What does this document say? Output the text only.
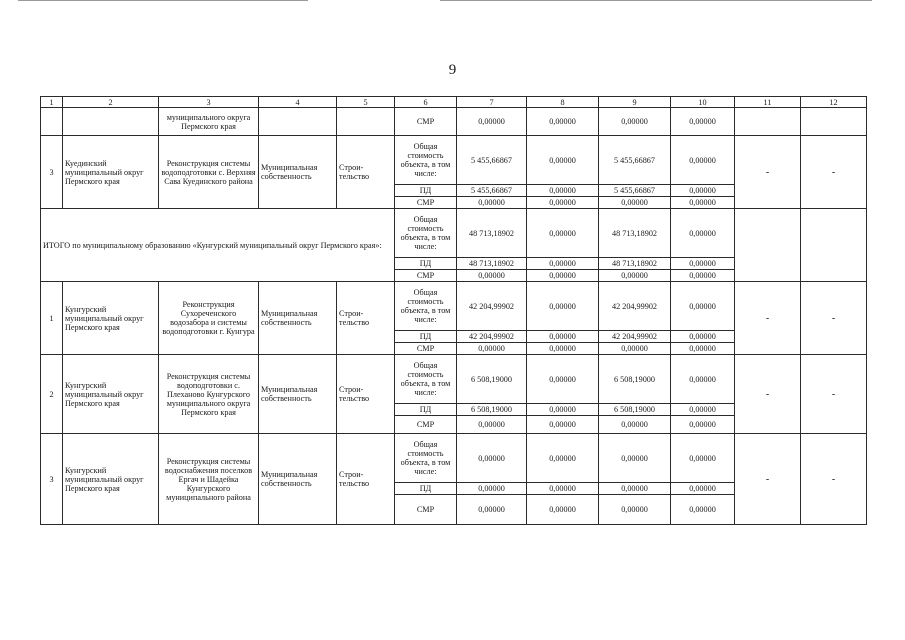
9
1	2	3	4	5	6	7	8	9	10	11	12
		муниципального округа Пермского края			СМР	0,00000	0,00000	0,00000	0,00000		
3	Куединский муниципальный округ Пермского края	Реконструкция системы водоподготовки с. Верхняя Сава Куединского района	Муниципальная собственность	Строи-тельство	Общая стоимость объекта, в том числе:	5 455,66867	0,00000	5 455,66867	0,00000	-	-
					ПД	5 455,66867	0,00000	5 455,66867	0,00000		
					СМР	0,00000	0,00000	0,00000	0,00000		
ИТОГО по муниципальному образованию «Кунгурский муниципальный округ Пермского края»:					Общая стоимость объекта, в том числе:	48 713,18902	0,00000	48 713,18902	0,00000		
					ПД	48 713,18902	0,00000	48 713,18902	0,00000		
					СМР	0,00000	0,00000	0,00000	0,00000		
1	Кунгурский муниципальный округ Пермского края	Реконструкция Сухореченского водозабора и системы водоподготовки г. Кунгура	Муниципальная собственность	Строи-тельство	Общая стоимость объекта, в том числе:	42 204,99902	0,00000	42 204,99902	0,00000	-	-
					ПД	42 204,99902	0,00000	42 204,99902	0,00000		
					СМР	0,00000	0,00000	0,00000	0,00000		
2	Кунгурский муниципальный округ Пермского края	Реконструкция системы водоподготовки с. Плеханово Кунгурского муниципального округа Пермского края	Муниципальная собственность	Строи-тельство	Общая стоимость объекта, в том числе:	6 508,19000	0,00000	6 508,19000	0,00000	-	-
					ПД	6 508,19000	0,00000	6 508,19000	0,00000		
					СМР	0,00000	0,00000	0,00000	0,00000		
3	Кунгурский муниципальный округ Пермского края	Реконструкция системы водоснабжения поселков Ергач и Шадейка Кунгурского муниципального района	Муниципальная собственность	Строи-тельство	Общая стоимость объекта, в том числе:	0,00000	0,00000	0,00000	0,00000	-	-
					ПД	0,00000	0,00000	0,00000	0,00000		
					СМР	0,00000	0,00000	0,00000	0,00000		
